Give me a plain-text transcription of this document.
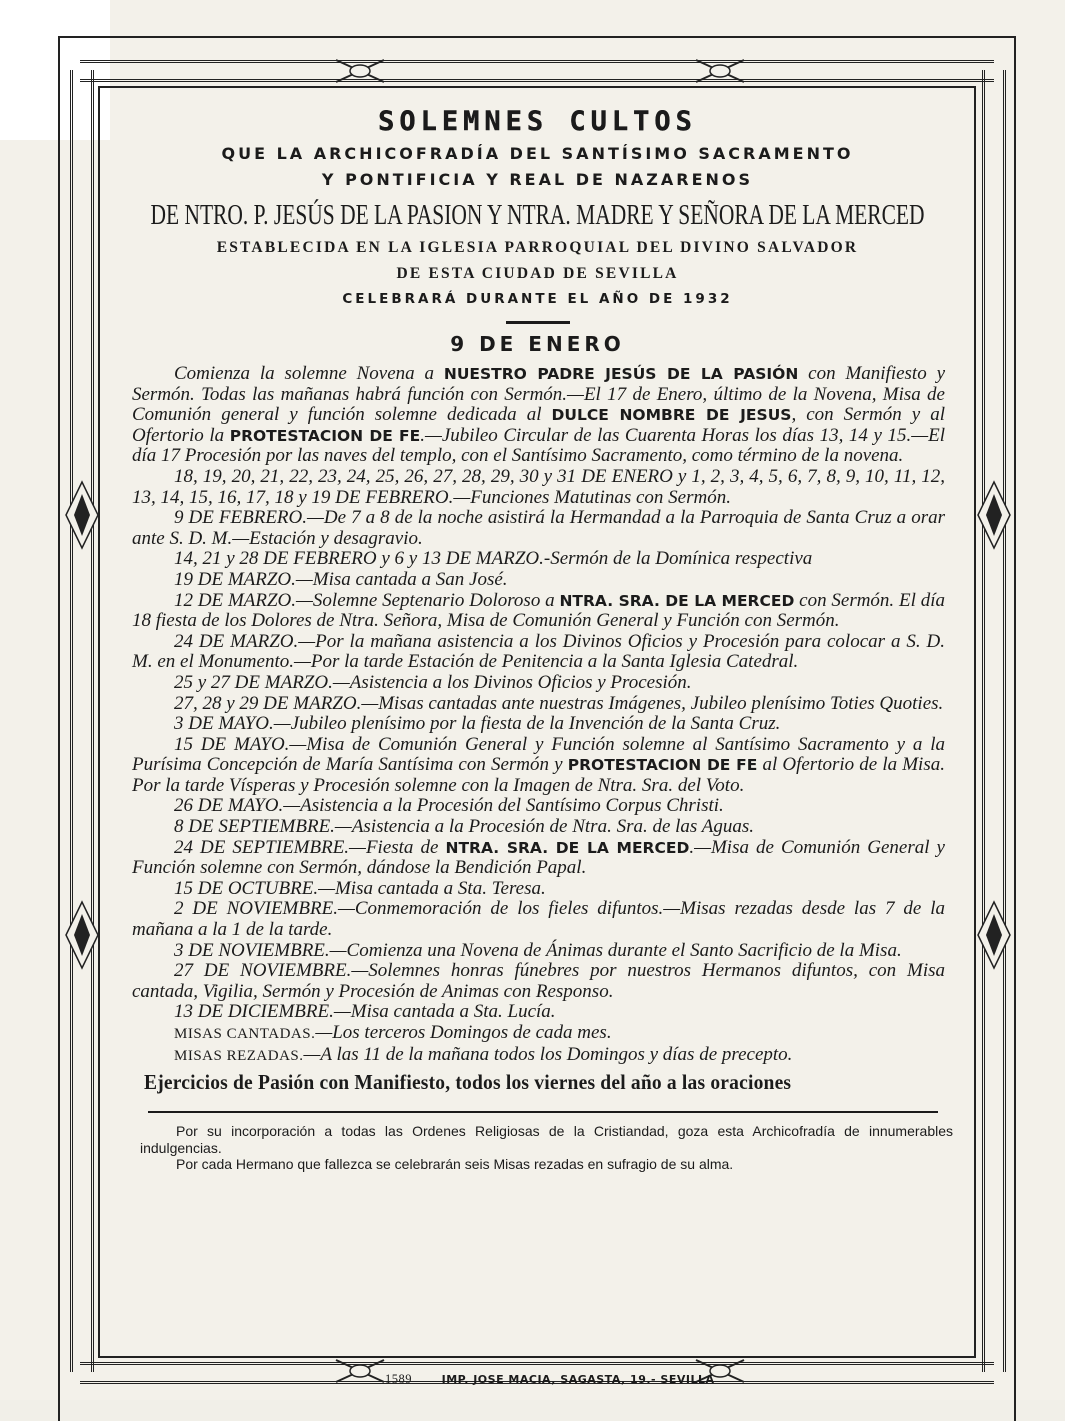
SOLEMNES CULTOS
QUE LA ARCHICOFRADÍA DEL SANTÍSIMO SACRAMENTO
Y PONTIFICIA Y REAL DE NAZARENOS
DE NTRO. P. JESÚS DE LA PASION Y NTRA. MADRE Y SEÑORA DE LA MERCED
ESTABLECIDA EN LA IGLESIA PARROQUIAL DEL DIVINO SALVADOR
DE ESTA CIUDAD DE SEVILLA
CELEBRARÁ DURANTE EL AÑO DE 1932
9 DE ENERO

Comienza la solemne Novena a NUESTRO PADRE JESÚS DE LA PASIÓN con Manifiesto y Sermón. Todas las mañanas habrá función con Sermón.—El 17 de Enero, último de la Novena, Misa de Comunión general y función solemne dedicada al DULCE NOMBRE DE JESUS, con Sermón y al Ofertorio la PROTESTACION DE FE.—Jubileo Circular de las Cuarenta Horas los días 13, 14 y 15.—El día 17 Procesión por las naves del templo, con el Santísimo Sacramento, como término de la novena.

18, 19, 20, 21, 22, 23, 24, 25, 26, 27, 28, 29, 30 y 31 DE ENERO y 1, 2, 3, 4, 5, 6, 7, 8, 9, 10, 11, 12, 13, 14, 15, 16, 17, 18 y 19 DE FEBRERO.—Funciones Matutinas con Sermón.

9 DE FEBRERO.—De 7 a 8 de la noche asistirá la Hermandad a la Parroquia de Santa Cruz a orar ante S. D. M.—Estación y desagravio.

14, 21 y 28 DE FEBRERO y 6 y 13 DE MARZO.-Sermón de la Domínica respectiva

19 DE MARZO.—Misa cantada a San José.

12 DE MARZO.—Solemne Septenario Doloroso a NTRA. SRA. DE LA MERCED con Sermón. El día 18 fiesta de los Dolores de Ntra. Señora, Misa de Comunión General y Función con Sermón.

24 DE MARZO.—Por la mañana asistencia a los Divinos Oficios y Procesión para colocar a S. D. M. en el Monumento.—Por la tarde Estación de Penitencia a la Santa Iglesia Catedral.

25 y 27 DE MARZO.—Asistencia a los Divinos Oficios y Procesión.

27, 28 y 29 DE MARZO.—Misas cantadas ante nuestras Imágenes, Jubileo plenísimo Toties Quoties.

3 DE MAYO.—Jubileo plenísimo por la fiesta de la Invención de la Santa Cruz.

15 DE MAYO.—Misa de Comunión General y Función solemne al Santísimo Sacramento y a la Purísima Concepción de María Santísima con Sermón y PROTESTACION DE FE al Ofertorio de la Misa. Por la tarde Vísperas y Procesión solemne con la Imagen de Ntra. Sra. del Voto.

26 DE MAYO.—Asistencia a la Procesión del Santísimo Corpus Christi.

8 DE SEPTIEMBRE.—Asistencia a la Procesión de Ntra. Sra. de las Aguas.

24 DE SEPTIEMBRE.—Fiesta de NTRA. SRA. DE LA MERCED.—Misa de Comunión General y Función solemne con Sermón, dándose la Bendición Papal.

15 DE OCTUBRE.—Misa cantada a Sta. Teresa.

2 DE NOVIEMBRE.—Conmemoración de los fieles difuntos.—Misas rezadas desde las 7 de la mañana a la 1 de la tarde.

3 DE NOVIEMBRE.—Comienza una Novena de Ánimas durante el Santo Sacrificio de la Misa.

27 DE NOVIEMBRE.—Solemnes honras fúnebres por nuestros Hermanos difuntos, con Misa cantada, Vigilia, Sermón y Procesión de Animas con Responso.

13 DE DICIEMBRE.—Misa cantada a Sta. Lucía.

MISAS CANTADAS.—Los terceros Domingos de cada mes.

MISAS REZADAS.—A las 11 de la mañana todos los Domingos y días de precepto.

Ejercicios de Pasión con Manifiesto, todos los viernes del año a las oraciones

Por su incorporación a todas las Ordenes Religiosas de la Cristiandad, goza esta Archicofradía de innumerables indulgencias.

Por cada Hermano que fallezca se celebrarán seis Misas rezadas en sufragio de su alma.

1589	IMP. JOSE MACIA, SAGASTA, 19.- SEVILLA
